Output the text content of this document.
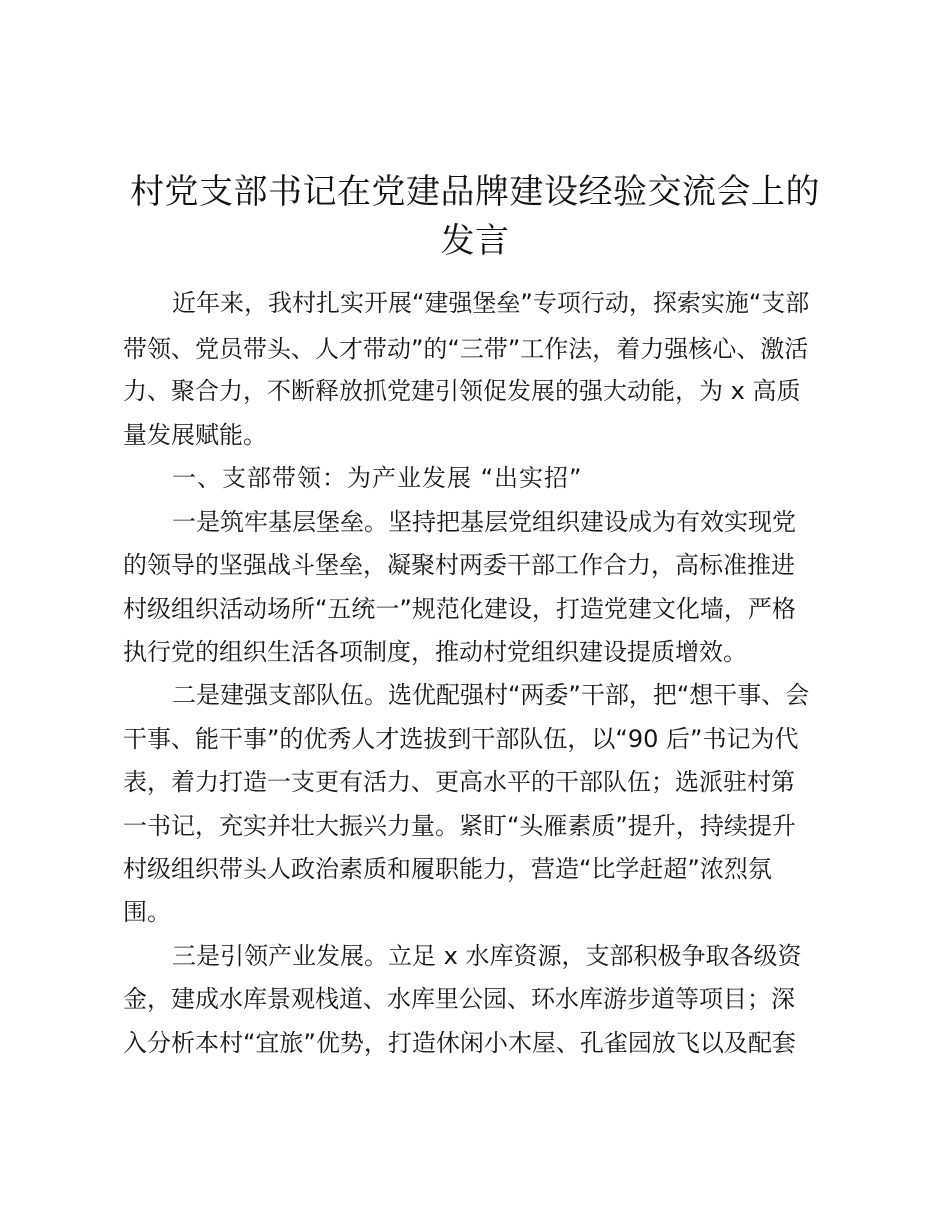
村党支部书记在党建品牌建设经验交流会上的
发言
近年来，我村扎实开展“建强堡垒”专项行动，探索实施“支部
带领、党员带头、人才带动”的“三带”工作法，着力强核心、激活
力、聚合力，不断释放抓党建引领促发展的强大动能，为 x 高质
量发展赋能。
一、支部带领：为产业发展 “出实招”
一是筑牢基层堡垒。坚持把基层党组织建设成为有效实现党
的领导的坚强战斗堡垒，凝聚村两委干部工作合力，高标准推进
村级组织活动场所“五统一”规范化建设，打造党建文化墙，严格
执行党的组织生活各项制度，推动村党组织建设提质增效。
二是建强支部队伍。选优配强村“两委”干部，把“想干事、会
干事、能干事”的优秀人才选拔到干部队伍，以“90 后”书记为代
表，着力打造一支更有活力、更高水平的干部队伍；选派驻村第
一书记，充实并壮大振兴力量。紧盯“头雁素质”提升，持续提升
村级组织带头人政治素质和履职能力，营造“比学赶超”浓烈氛
围。
三是引领产业发展。立足 x 水库资源，支部积极争取各级资
金，建成水库景观栈道、水库里公园、环水库游步道等项目；深
入分析本村“宜旅”优势，打造休闲小木屋、孔雀园放飞以及配套
